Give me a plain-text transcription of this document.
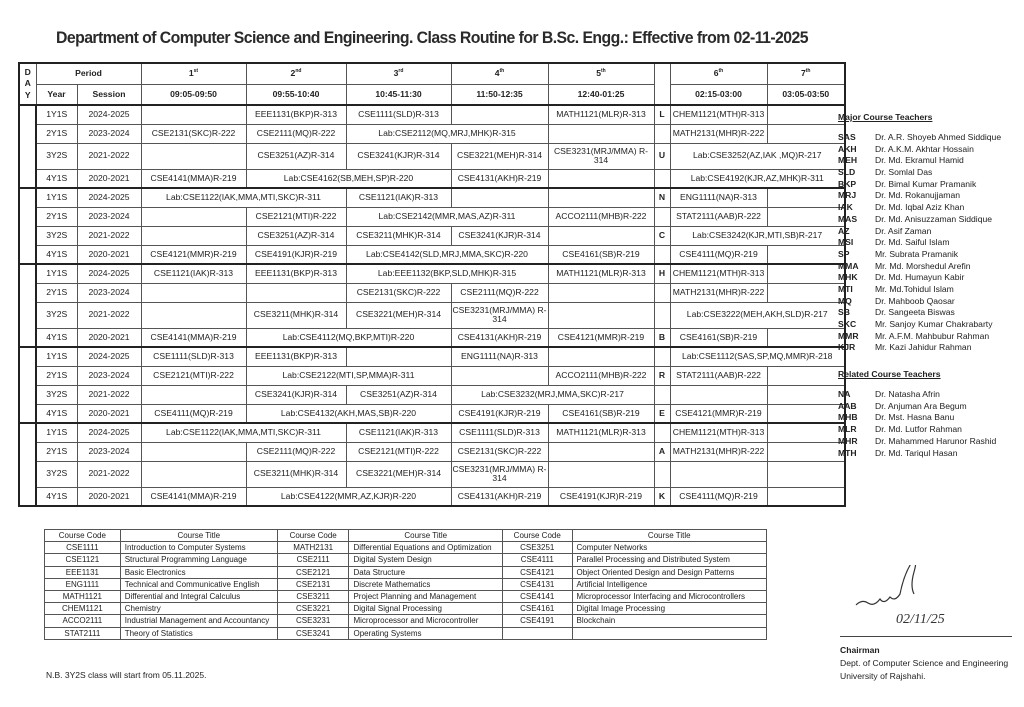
Department of Computer Science and Engineering. Class Routine for B.Sc. Engg.: Effective from 02-11-2025
D
A
Y	Period		1st	2nd	3rd	4th	5th		6th	7th
	Year	Session	09:05-09:50	09:55-10:40	10:45-11:30	11:50-12:35	12:40-01:25		02:15-03:00	03:05-03:50
	1Y1S	2024-2025		EEE1131(BKP)R-313	CSE1111(SLD)R-313		MATH1121(MLR)R-313	L	CHEM1121(MTH)R-313	
	2Y1S	2023-2024	CSE2131(SKC)R-222	CSE2111(MQ)R-222	Lab:CSE2112(MQ,MRJ,MHK)R-315				MATH2131(MHR)R-222	
	3Y2S	2021-2022		CSE3251(AZ)R-314	CSE3241(KJR)R-314	CSE3221(MEH)R-314	CSE3231(MRJ/MMA) R-314	U	Lab:CSE3252(AZ,IAK ,MQ)R-217	
	4Y1S	2020-2021	CSE4141(MMA)R-219	Lab:CSE4162(SB,MEH,SP)R-220		CSE4131(AKH)R-219			Lab:CSE4192(KJR,AZ,MHK)R-311	
	1Y1S	2024-2025	Lab:CSE1122(IAK,MMA,MTI,SKC)R-311		CSE1121(IAK)R-313			N	ENG1111(NA)R-313	
	2Y1S	2023-2024		CSE2121(MTI)R-222	Lab:CSE2142(MMR,MAS,AZ)R-311		ACCO2111(MHB)R-222		STAT2111(AAB)R-222	
	3Y2S	2021-2022		CSE3251(AZ)R-314	CSE3211(MHK)R-314	CSE3241(KJR)R-314		C	Lab:CSE3242(KJR,MTI,SB)R-217	
	4Y1S	2020-2021	CSE4121(MMR)R-219	CSE4191(KJR)R-219	Lab:CSE4142(SLD,MRJ,MMA,SKC)R-220		CSE4161(SB)R-219		CSE4111(MQ)R-219	
	1Y1S	2024-2025	CSE1121(IAK)R-313	EEE1131(BKP)R-313	Lab:EEE1132(BKP,SLD,MHK)R-315		MATH1121(MLR)R-313	H	CHEM1121(MTH)R-313	
	2Y1S	2023-2024			CSE2131(SKC)R-222	CSE2111(MQ)R-222			MATH2131(MHR)R-222	
	3Y2S	2021-2022		CSE3211(MHK)R-314	CSE3221(MEH)R-314	CSE3231(MRJ/MMA) R-314			Lab:CSE3222(MEH,AKH,SLD)R-217	
	4Y1S	2020-2021	CSE4141(MMA)R-219	Lab:CSE4112(MQ,BKP,MTI)R-220		CSE4131(AKH)R-219	CSE4121(MMR)R-219	B	CSE4161(SB)R-219	
	1Y1S	2024-2025	CSE1111(SLD)R-313	EEE1131(BKP)R-313		ENG1111(NA)R-313			Lab:CSE1112(SAS,SP,MQ,MMR)R-218	
	2Y1S	2023-2024	CSE2121(MTI)R-222	Lab:CSE2122(MTI,SP,MMA)R-311			ACCO2111(MHB)R-222	R	STAT2111(AAB)R-222	
	3Y2S	2021-2022		CSE3241(KJR)R-314	CSE3251(AZ)R-314	Lab:CSE3232(MRJ,MMA,SKC)R-217				
	4Y1S	2020-2021	CSE4111(MQ)R-219	Lab:CSE4132(AKH,MAS,SB)R-220		CSE4191(KJR)R-219	CSE4161(SB)R-219	E	CSE4121(MMR)R-219	
	1Y1S	2024-2025	Lab:CSE1122(IAK,MMA,MTI,SKC)R-311		CSE1121(IAK)R-313	CSE1111(SLD)R-313	MATH1121(MLR)R-313		CHEM1121(MTH)R-313	
	2Y1S	2023-2024		CSE2111(MQ)R-222	CSE2121(MTI)R-222	CSE2131(SKC)R-222		A	MATH2131(MHR)R-222	
	3Y2S	2021-2022		CSE3211(MHK)R-314	CSE3221(MEH)R-314	CSE3231(MRJ/MMA) R-314				
	4Y1S	2020-2021	CSE4141(MMA)R-219	Lab:CSE4122(MMR,AZ,KJR)R-220		CSE4131(AKH)R-219	CSE4191(KJR)R-219	K	CSE4111(MQ)R-219	
Major Course Teachers
SAS	Dr. A.R. Shoyeb Ahmed Siddique
AKH	Dr. A.K.M. Akhtar Hossain
MEH	Dr. Md. Ekramul Hamid
SLD	Dr. Somlal Das
BKP	Dr. Bimal Kumar Pramanik
MRJ	Dr. Md. Rokanujjaman
IAK	Dr. Md. Iqbal Aziz Khan
MAS	Dr. Md. Anisuzzaman Siddique
AZ	Dr. Asif Zaman
MSI	Dr. Md. Saiful Islam
SP	Mr. Subrata Pramanik
MMA	Mr. Md. Morshedul Arefin
MHK	Dr. Md. Humayun Kabir
MTI	Mr. Md.Tohidul Islam
MQ	Dr. Mahboob Qaosar
SB	Dr. Sangeeta Biswas
SKC	Mr. Sanjoy Kumar Chakrabarty
MMR	Mr. A.F.M. Mahbubur Rahman
KJR	Mr. Kazi Jahidur Rahman
Related Course Teachers
NA	Dr. Natasha Afrin
AAB	Dr. Anjuman Ara Begum
MHB	Dr. Mst. Hasna Banu
MLR	Dr. Md. Lutfor Rahman
MHR	Dr. Mahammed Harunor Rashid
MTH	Dr. Md. Tariqul Hasan
Course Code	Course Title	Course Code	Course Title	Course Code	Course Title
CSE1111	Introduction to Computer Systems	MATH2131	Differential Equations and Optimization	CSE3251	Computer Networks
CSE1121	Structural Programming Language	CSE2111	Digital System Design	CSE4111	Parallel Processing and Distributed System
EEE1131	Basic Electronics	CSE2121	Data Structure	CSE4121	Object Oriented Design and Design Patterns
ENG1111	Technical and Communicative English	CSE2131	Discrete Mathematics	CSE4131	Artificial Intelligence
MATH1121	Differential and Integral Calculus	CSE3211	Project Planning and Management	CSE4141	Microprocessor Interfacing and Microcontrollers
CHEM1121	Chemistry	CSE3221	Digital Signal Processing	CSE4161	Digital Image Processing
ACCO2111	Industrial Management and Accountancy	CSE3231	Microprocessor and Microcontroller	CSE4191	Blockchain
STAT2111	Theory of Statistics	CSE3241	Operating Systems		
N.B. 3Y2S class will start from 05.11.2025.
02/11/25
Chairman
Dept. of Computer Science and Engineering
University of Rajshahi.
